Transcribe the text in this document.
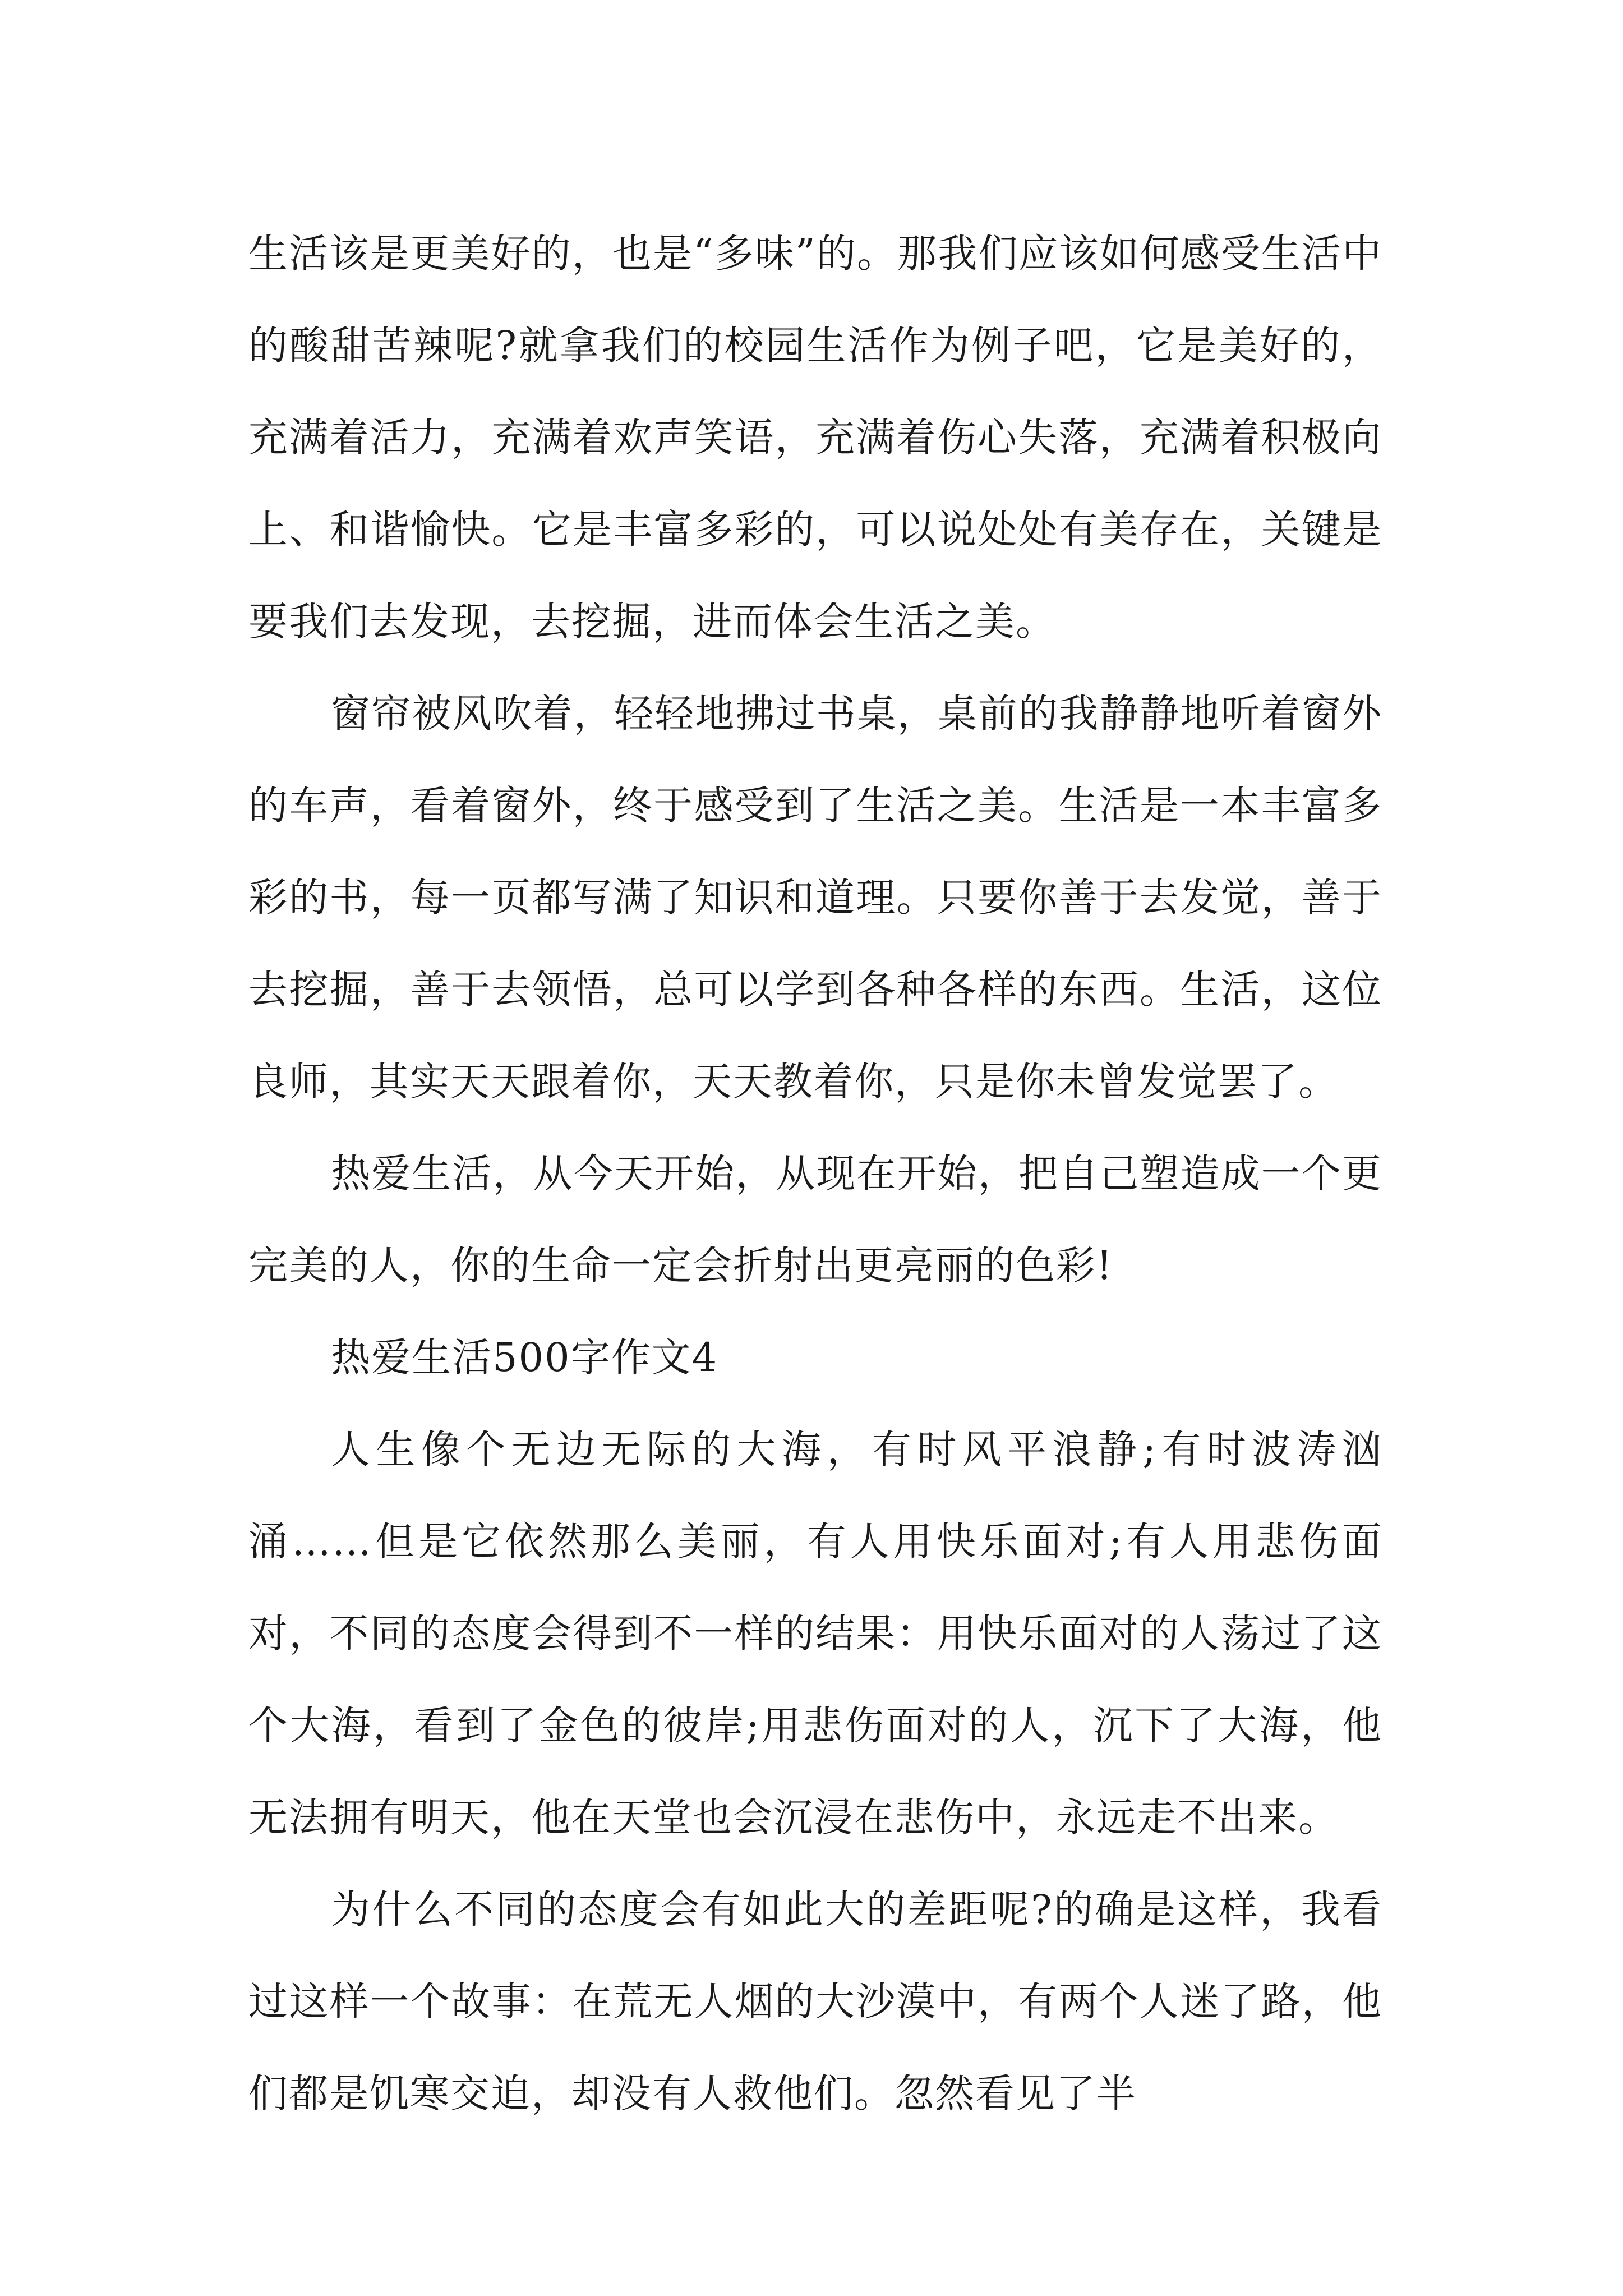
生活该是更美好的，也是“多味”的。那我们应该如何感受生活中的酸甜苦辣呢?就拿我们的校园生活作为例子吧，它是美好的，充满着活力，充满着欢声笑语，充满着伤心失落，充满着积极向上、和谐愉快。它是丰富多彩的，可以说处处有美存在，关键是要我们去发现，去挖掘，进而体会生活之美。

窗帘被风吹着，轻轻地拂过书桌，桌前的我静静地听着窗外的车声，看着窗外，终于感受到了生活之美。生活是一本丰富多彩的书，每一页都写满了知识和道理。只要你善于去发觉，善于去挖掘，善于去领悟，总可以学到各种各样的东西。生活，这位良师，其实天天跟着你，天天教着你，只是你未曾发觉罢了。

热爱生活，从今天开始，从现在开始，把自己塑造成一个更完美的人，你的生命一定会折射出更亮丽的色彩!

热爱生活500字作文4

人生像个无边无际的大海，有时风平浪静;有时波涛汹涌……但是它依然那么美丽，有人用快乐面对;有人用悲伤面对，不同的态度会得到不一样的结果：用快乐面对的人荡过了这个大海，看到了金色的彼岸;用悲伤面对的人，沉下了大海，他无法拥有明天，他在天堂也会沉浸在悲伤中，永远走不出来。

为什么不同的态度会有如此大的差距呢?的确是这样，我看过这样一个故事：在荒无人烟的大沙漠中，有两个人迷了路，他们都是饥寒交迫，却没有人救他们。忽然看见了半
